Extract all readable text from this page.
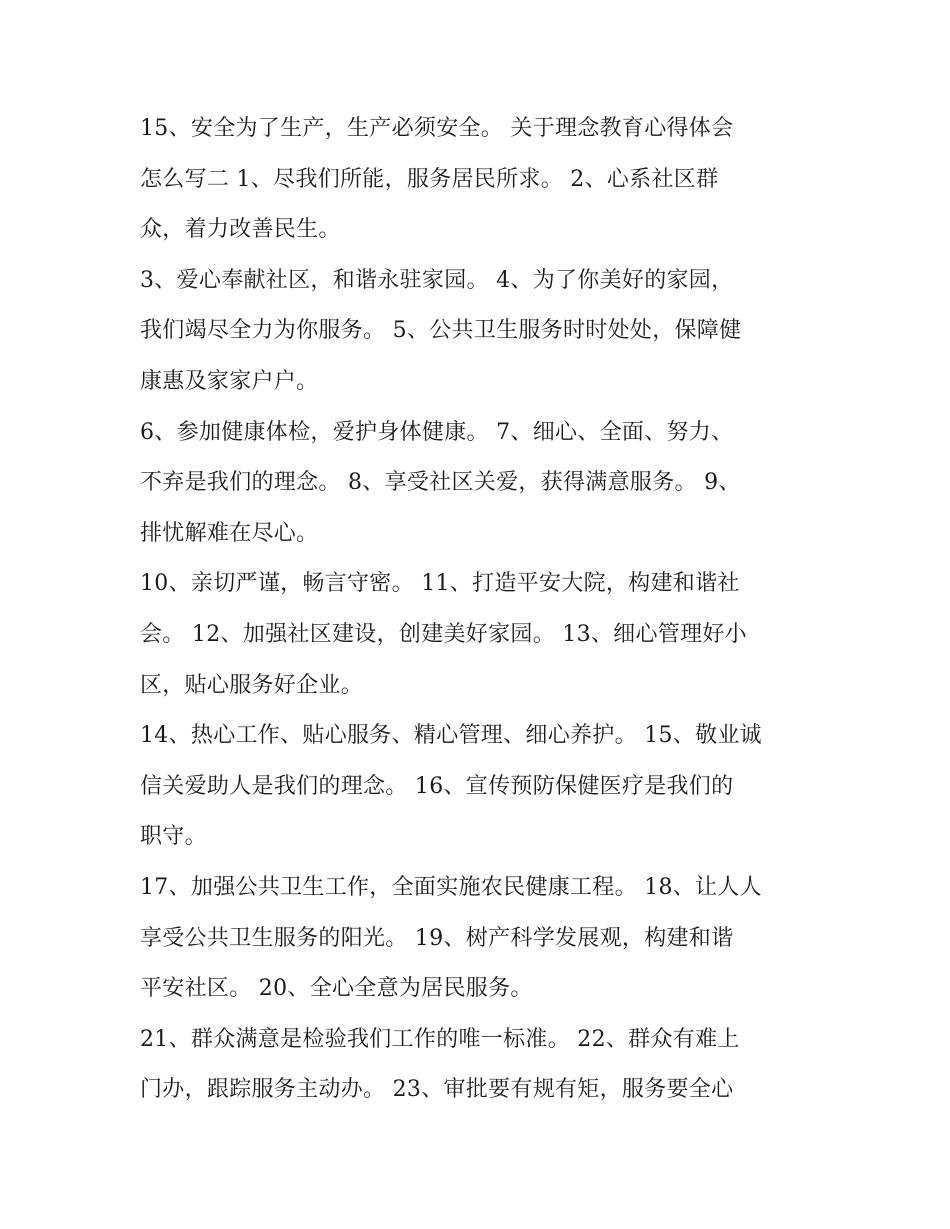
15、安全为了生产，生产必须安全。 关于理念教育心得体会
怎么写二 1、尽我们所能，服务居民所求。 2、心系社区群
众，着力改善民生。
3、爱心奉献社区，和谐永驻家园。 4、为了你美好的家园，
我们竭尽全力为你服务。 5、公共卫生服务时时处处，保障健
康惠及家家户户。
6、参加健康体检，爱护身体健康。 7、细心、全面、努力、
不弃是我们的理念。 8、享受社区关爱，获得满意服务。 9、
排忧解难在尽心。
10、亲切严谨，畅言守密。 11、打造平安大院，构建和谐社
会。 12、加强社区建设，创建美好家园。 13、细心管理好小
区，贴心服务好企业。
14、热心工作、贴心服务、精心管理、细心养护。 15、敬业诚
信关爱助人是我们的理念。 16、宣传预防保健医疗是我们的
职守。
17、加强公共卫生工作，全面实施农民健康工程。 18、让人人
享受公共卫生服务的阳光。 19、树产科学发展观，构建和谐
平安社区。 20、全心全意为居民服务。
21、群众满意是检验我们工作的唯一标准。 22、群众有难上
门办，跟踪服务主动办。 23、审批要有规有矩，服务要全心
